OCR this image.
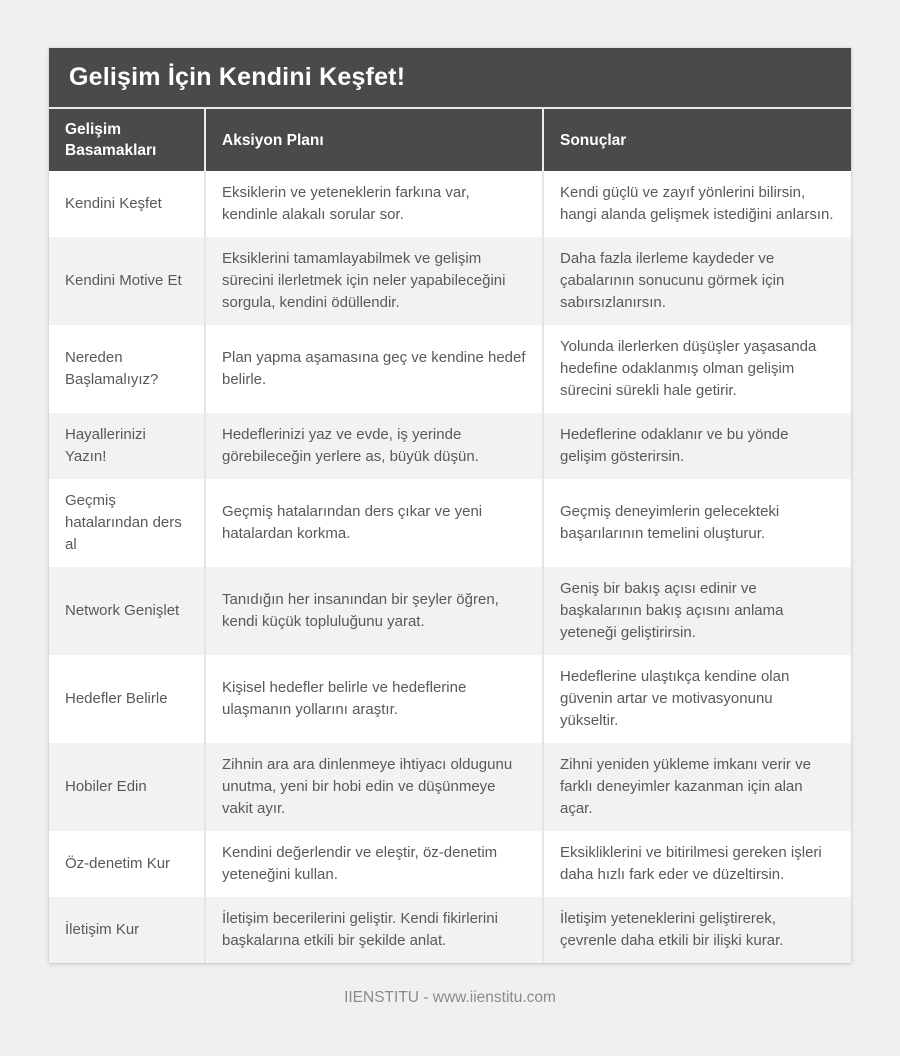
Gelişim İçin Kendini Keşfet!
Gelişim Basamakları
Aksiyon Planı	Sonuçlar
Kendini Keşfet
Eksiklerin ve yeteneklerin farkına var, kendinle alakalı sorular sor.
Kendi güçlü ve zayıf yönlerini bilirsin, hangi alanda gelişmek istediğini anlarsın.
Kendini Motive Et
Eksiklerini tamamlayabilmek ve gelişim sürecini ilerletmek için neler yapabileceğini sorgula, kendini ödüllendir.
Daha fazla ilerleme kaydeder ve çabalarının sonucunu görmek için sabırsızlanırsın.
Nereden Başlamalıyız?
Plan yapma aşamasına geç ve kendine hedef belirle.
Yolunda ilerlerken düşüşler yaşasanda hedefine odaklanmış olman gelişim sürecini sürekli hale getirir.
Hayallerinizi Yazın!
Hedeflerinizi yaz ve evde, iş yerinde görebileceğin yerlere as, büyük düşün.
Hedeflerine odaklanır ve bu yönde gelişim gösterirsin.
Geçmiş hatalarından ders al
Geçmiş hatalarından ders çıkar ve yeni hatalardan korkma.
Geçmiş deneyimlerin gelecekteki başarılarının temelini oluşturur.
Network Genişlet
Tanıdığın her insanından bir şeyler öğren, kendi küçük topluluğunu yarat.
Geniş bir bakış açısı edinir ve başkalarının bakış açısını anlama yeteneği geliştirirsin.
Hedefler Belirle
Kişisel hedefler belirle ve hedeflerine ulaşmanın yollarını araştır.
Hedeflerine ulaştıkça kendine olan güvenin artar ve motivasyonunu yükseltir.
Hobiler Edin
Zihnin ara ara dinlenmeye ihtiyacı oldugunu unutma, yeni bir hobi edin ve düşünmeye vakit ayır.
Zihni yeniden yükleme imkanı verir ve farklı deneyimler kazanman için alan açar.
Öz-denetim Kur
Kendini değerlendir ve eleştir, öz-denetim yeteneğini kullan.
Eksikliklerini ve bitirilmesi gereken işleri daha hızlı fark eder ve düzeltirsin.
İletişim Kur
İletişim becerilerini geliştir. Kendi fikirlerini başkalarına etkili bir şekilde anlat.
İletişim yeteneklerini geliştirerek, çevrenle daha etkili bir ilişki kurar.
IIENSTITU - www.iienstitu.com
